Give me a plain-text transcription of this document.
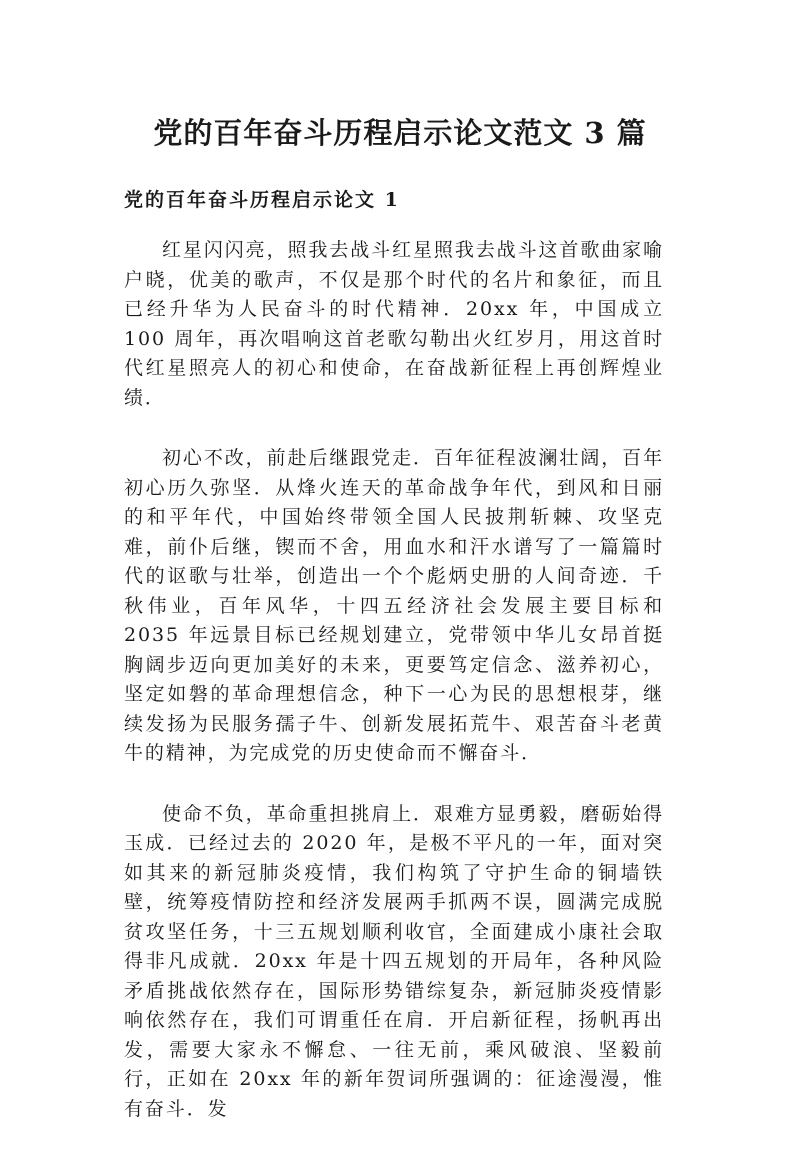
党的百年奋斗历程启示论文范文 3 篇
党的百年奋斗历程启示论文 1

红星闪闪亮，照我去战斗红星照我去战斗这首歌曲家喻户晓，优美的歌声，不仅是那个时代的名片和象征，而且已经升华为人民奋斗的时代精神．20xx 年，中国成立 100 周年，再次唱响这首老歌勾勒出火红岁月，用这首时代红星照亮人的初心和使命，在奋战新征程上再创辉煌业绩．

初心不改，前赴后继跟党走．百年征程波澜壮阔，百年初心历久弥坚．从烽火连天的革命战争年代，到风和日丽的和平年代，中国始终带领全国人民披荆斩棘、攻坚克难，前仆后继，锲而不舍，用血水和汗水谱写了一篇篇时代的讴歌与壮举，创造出一个个彪炳史册的人间奇迹．千秋伟业，百年风华，十四五经济社会发展主要目标和 2035 年远景目标已经规划建立，党带领中华儿女昂首挺胸阔步迈向更加美好的未来，更要笃定信念、滋养初心，坚定如磐的革命理想信念，种下一心为民的思想根芽，继续发扬为民服务孺子牛、创新发展拓荒牛、艰苦奋斗老黄牛的精神，为完成党的历史使命而不懈奋斗．

使命不负，革命重担挑肩上．艰难方显勇毅，磨砺始得玉成．已经过去的 2020 年，是极不平凡的一年，面对突如其来的新冠肺炎疫情，我们构筑了守护生命的铜墙铁壁，统筹疫情防控和经济发展两手抓两不误，圆满完成脱贫攻坚任务，十三五规划顺利收官，全面建成小康社会取得非凡成就．20xx 年是十四五规划的开局年，各种风险矛盾挑战依然存在，国际形势错综复杂，新冠肺炎疫情影响依然存在，我们可谓重任在肩．开启新征程，扬帆再出发，需要大家永不懈怠、一往无前，乘风破浪、坚毅前行，正如在 20xx 年的新年贺词所强调的：征途漫漫，惟有奋斗．发
